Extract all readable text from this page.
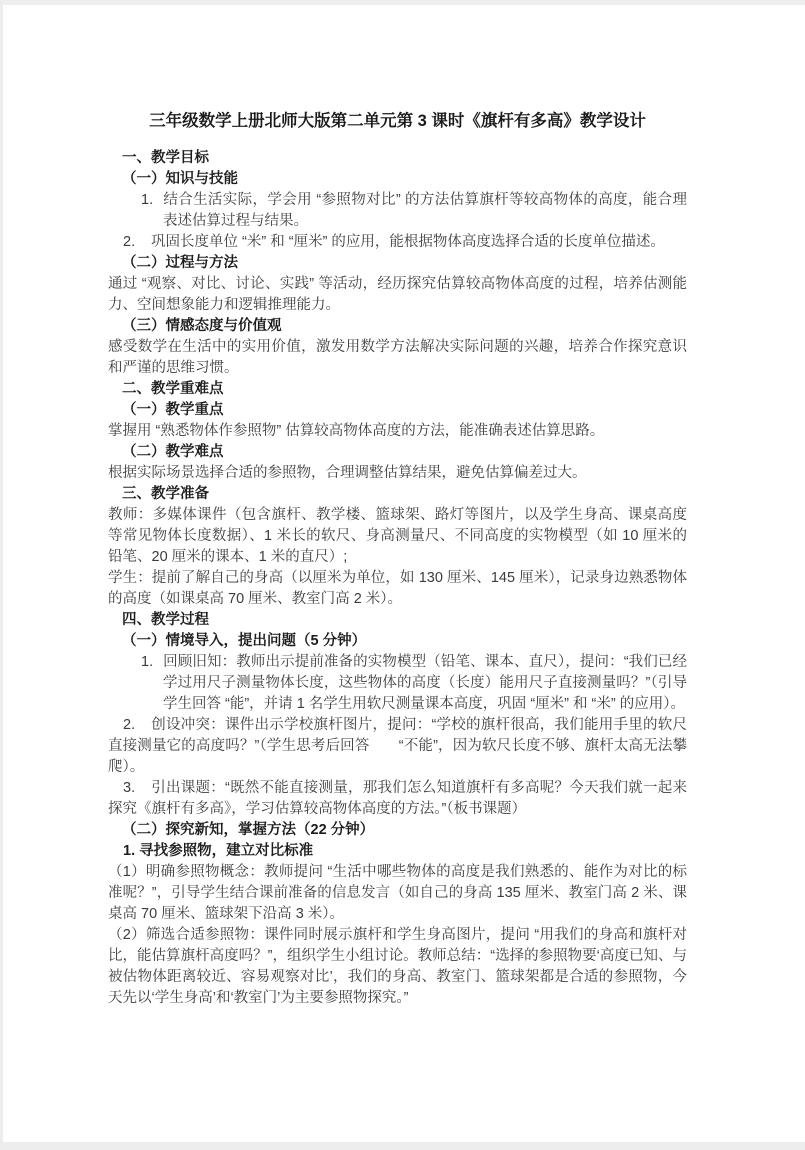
三年级数学上册北师大版第二单元第 3 课时《旗杆有多高》教学设计
一、教学目标
（一）知识与技能
1. 结合生活实际，学会用 “参照物对比” 的方法估算旗杆等较高物体的高度，能合理表述估算过程与结果。
2. 巩固长度单位 “米” 和 “厘米” 的应用，能根据物体高度选择合适的长度单位描述。
（二）过程与方法
通过 “观察、对比、讨论、实践” 等活动，经历探究估算较高物体高度的过程，培养估测能力、空间想象能力和逻辑推理能力。
（三）情感态度与价值观
感受数学在生活中的实用价值，激发用数学方法解决实际问题的兴趣，培养合作探究意识和严谨的思维习惯。
二、教学重难点
（一）教学重点
掌握用 “熟悉物体作参照物” 估算较高物体高度的方法，能准确表述估算思路。
（二）教学难点
根据实际场景选择合适的参照物，合理调整估算结果，避免估算偏差过大。
三、教学准备
教师：多媒体课件（包含旗杆、教学楼、篮球架、路灯等图片，以及学生身高、课桌高度等常见物体长度数据）、1 米长的软尺、身高测量尺、不同高度的实物模型（如 10 厘米的铅笔、20 厘米的课本、1 米的直尺）;
学生：提前了解自己的身高（以厘米为单位，如 130 厘米、145 厘米），记录身边熟悉物体的高度（如课桌高 70 厘米、教室门高 2 米）。
四、教学过程
（一）情境导入，提出问题（5 分钟）
1. 回顾旧知：教师出示提前准备的实物模型（铅笔、课本、直尺），提问：“我们已经学过用尺子测量物体长度，这些物体的高度（长度）能用尺子直接测量吗？”（引导学生回答 “能”，并请 1 名学生用软尺测量课本高度，巩固 “厘米” 和 “米” 的应用）。
2. 创设冲突：课件出示学校旗杆图片，提问：“学校的旗杆很高，我们能用手里的软尺直接测量它的高度吗？”（学生思考后回答　　“不能”，因为软尺长度不够、旗杆太高无法攀爬）。
3. 引出课题：“既然不能直接测量，那我们怎么知道旗杆有多高呢？今天我们就一起来探究《旗杆有多高》，学习估算较高物体高度的方法。”（板书课题）
（二）探究新知，掌握方法（22 分钟）
1. 寻找参照物，建立对比标准
（1）明确参照物概念：教师提问 “生活中哪些物体的高度是我们熟悉的、能作为对比的标准呢？”，引导学生结合课前准备的信息发言（如自己的身高 135 厘米、教室门高 2 米、课桌高 70 厘米、篮球架下沿高 3 米）。
（2）筛选合适参照物：课件同时展示旗杆和学生身高图片，提问 “用我们的身高和旗杆对比，能估算旗杆高度吗？”，组织学生小组讨论。教师总结：“选择的参照物要‘高度已知、与被估物体距离较近、容易观察对比’，我们的身高、教室门、篮球架都是合适的参照物，今天先以‘学生身高’和‘教室门’为主要参照物探究。”
